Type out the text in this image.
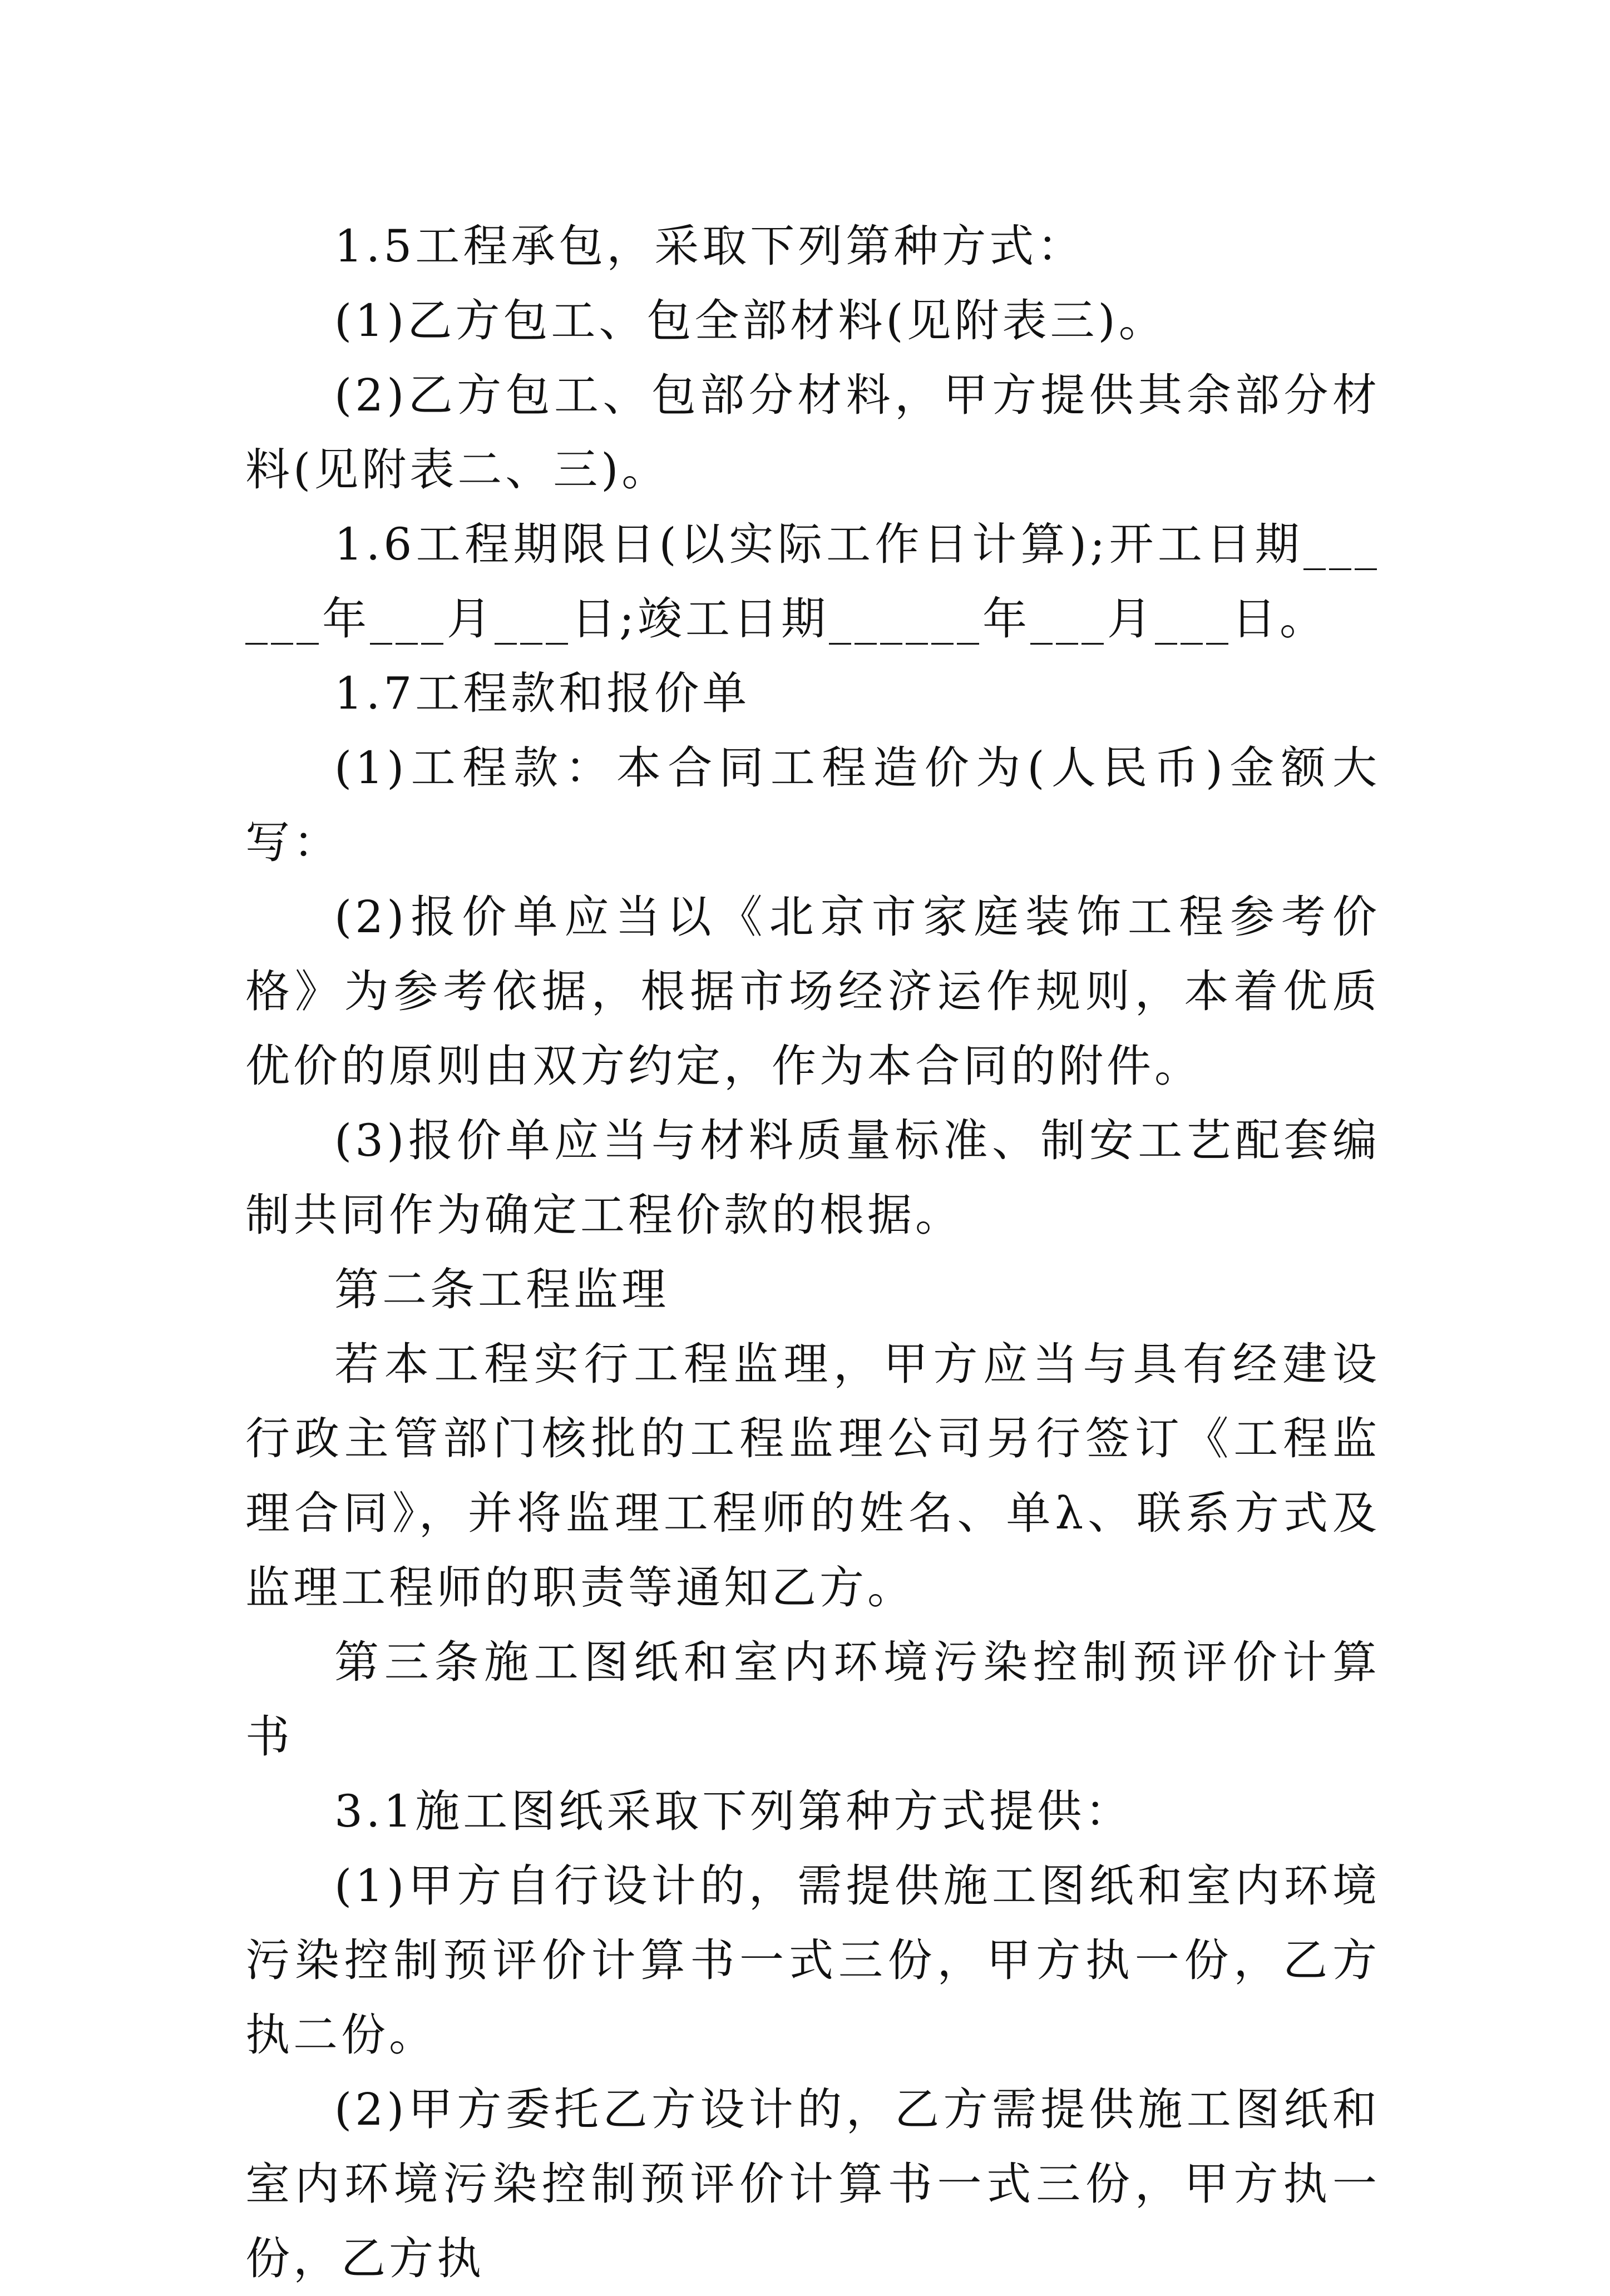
1.5工程承包，采取下列第种方式：

(1)乙方包工、包全部材料(见附表三)。

(2)乙方包工、包部分材料，甲方提供其余部分材料(见附表二、三)。

1.6工程期限日(以实际工作日计算);开工日期______年___月___日;竣工日期______年___月___日。

1.7工程款和报价单

(1)工程款：本合同工程造价为(人民币)金额大写：

(2)报价单应当以《北京市家庭装饰工程参考价格》为参考依据，根据市场经济运作规则，本着优质优价的原则由双方约定，作为本合同的附件。

(3)报价单应当与材料质量标准、制安工艺配套编制共同作为确定工程价款的根据。

第二条工程监理

若本工程实行工程监理，甲方应当与具有经建设行政主管部门核批的工程监理公司另行签订《工程监理合同》，并将监理工程师的姓名、单λ、联系方式及监理工程师的职责等通知乙方。

第三条施工图纸和室内环境污染控制预评价计算书

3.1施工图纸采取下列第种方式提供：

(1)甲方自行设计的，需提供施工图纸和室内环境污染控制预评价计算书一式三份，甲方执一份，乙方执二份。

(2)甲方委托乙方设计的，乙方需提供施工图纸和室内环境污染控制预评价计算书一式三份，甲方执一份，乙方执
